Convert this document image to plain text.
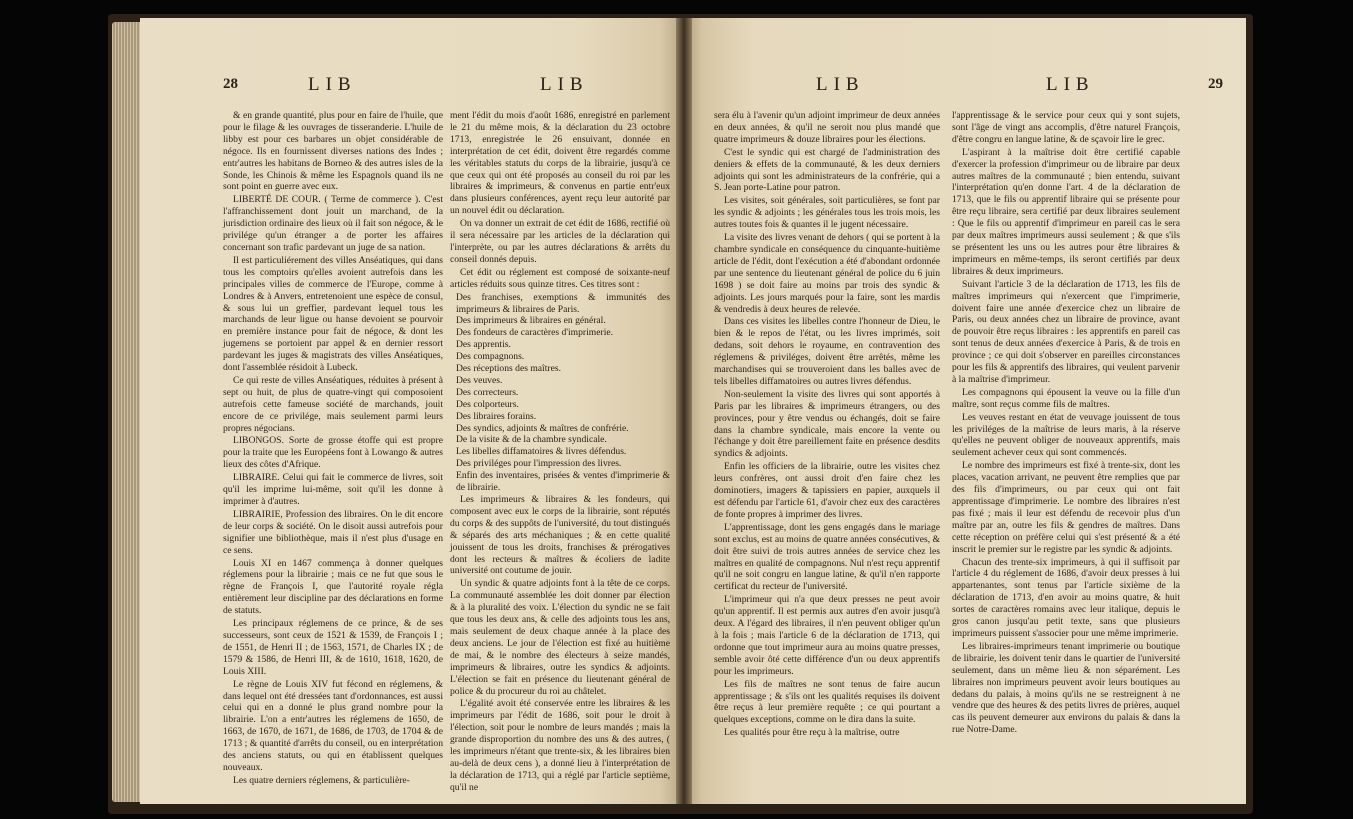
28	LIB	LIB

& en grande quantité, plus pour en faire de l'huile, que pour le filage & les ouvrages de tisseranderie. L'huile de libby est pour ces barbares un objet considérable de négoce. Ils en fournissent diverses nations des Indes ; entr'autres les habitans de Borneo & des autres isles de la Sonde, les Chinois & même les Espagnols quand ils ne sont point en guerre avec eux.

LIBERTÉ DE COUR. ( Terme de commerce ). C'est l'affranchissement dont jouit un marchand, de la jurisdiction ordinaire des lieux où il fait son négoce, & le privilége qu'un étranger a de porter les affaires concernant son trafic pardevant un juge de sa nation.

Il est particuliérement des villes Anséatiques, qui dans tous les comptoirs qu'elles avoient autrefois dans les principales villes de commerce de l'Europe, comme à Londres & à Anvers, entretenoient une espèce de consul, & sous lui un greffier, pardevant lequel tous les marchands de leur ligue ou hanse devoient se pourvoir en première instance pour fait de négoce, & dont les jugemens se portoient par appel & en dernier ressort pardevant les juges & magistrats des villes Anséatiques, dont l'assemblée résidoit à Lubeck.

Ce qui reste de villes Anséatiques, réduites à présent à sept ou huit, de plus de quatre-vingt qui composoient autrefois cette fameuse société de marchands, jouit encore de ce privilége, mais seulement parmi leurs propres négocians.

LIBONGOS. Sorte de grosse étoffe qui est propre pour la traite que les Européens font à Lowango & autres lieux des côtes d'Afrique.

LIBRAIRE. Celui qui fait le commerce de livres, soit qu'il les imprime lui-même, soit qu'il les donne à imprimer à d'autres.

LIBRAIRIE, Profession des libraires. On le dit encore de leur corps & société. On le disoit aussi autrefois pour signifier une bibliothèque, mais il n'est plus d'usage en ce sens.

Louis XI en 1467 commença à donner quelques réglemens pour la librairie ; mais ce ne fut que sous le règne de François I, que l'autorité royale régla entièrement leur discipline par des déclarations en forme de statuts.

Les principaux réglemens de ce prince, & de ses successeurs, sont ceux de 1521 & 1539, de François I ; de 1551, de Henri II ; de 1563, 1571, de Charles IX ; de 1579 & 1586, de Henri III, & de 1610, 1618, 1620, de Louis XIII.

Le règne de Louis XIV fut fécond en réglemens, & dans lequel ont été dressées tant d'ordonnances, est aussi celui qui en a donné le plus grand nombre pour la librairie. L'on a entr'autres les réglemens de 1650, de 1663, de 1670, de 1671, de 1686, de 1703, de 1704 & de 1713 ; & quantité d'arrêts du conseil, ou en interprétation des anciens statuts, ou qui en établissent quelques nouveaux.

Les quatre derniers réglemens, & particulière-

ment l'édit du mois d'août 1686, enregistré en parlement le 21 du même mois, & la déclaration du 23 octobre 1713, enregistrée le 26 ensuivant, donnée en interprétation de cet édit, doivent être regardés comme les véritables statuts du corps de la librairie, jusqu'à ce que ceux qui ont été proposés au conseil du roi par les libraires & imprimeurs, & convenus en partie entr'eux dans plusieurs conférences, ayent reçu leur autorité par un nouvel édit ou déclaration.

On va donner un extrait de cet édit de 1686, rectifié où il sera nécessaire par les articles de la déclaration qui l'interprète, ou par les autres déclarations & arrêts du conseil donnés depuis.

Cet édit ou réglement est composé de soixante-neuf articles réduits sous quinze titres. Ces titres sont :

Des franchises, exemptions & immunités des imprimeurs & libraires de Paris.

Des imprimeurs & libraires en général.

Des fondeurs de caractères d'imprimerie.

Des apprentis.

Des compagnons.

Des réceptions des maîtres.

Des veuves.

Des correcteurs.

Des colporteurs.

Des libraires forains.

Des syndics, adjoints & maîtres de confrérie.

De la visite & de la chambre syndicale.

Les libelles diffamatoires & livres défendus.

Des priviléges pour l'impression des livres.

Enfin des inventaires, prisées & ventes d'imprimerie & de librairie.

Les imprimeurs & libraires & les fondeurs, qui composent avec eux le corps de la librairie, sont réputés du corps & des suppôts de l'université, du tout distingués & séparés des arts méchaniques ; & en cette qualité jouissent de tous les droits, franchises & prérogatives dont les recteurs & maîtres & écoliers de ladite université ont coutume de jouir.

Un syndic & quatre adjoints font à la tête de ce corps. La communauté assemblée les doit donner par élection & à la pluralité des voix. L'élection du syndic ne se fait que tous les deux ans, & celle des adjoints tous les ans, mais seulement de deux chaque année à la place des deux anciens. Le jour de l'élection est fixé au huitième de mai, & le nombre des électeurs à seize mandés, imprimeurs & libraires, outre les syndics & adjoints. L'élection se fait en présence du lieutenant général de police & du procureur du roi au châtelet.

L'égalité avoit été conservée entre les libraires & les imprimeurs par l'édit de 1686, soit pour le droit à l'élection, soit pour le nombre de leurs mandés ; mais la grande disproportion du nombre des uns & des autres, ( les imprimeurs n'étant que trente-six, & les libraires bien au-delà de deux cens ), a donné lieu à l'interprétation de la déclaration de 1713, qui a réglé par l'article septième, qu'il ne

LIB	LIB	29

sera élu à l'avenir qu'un adjoint imprimeur de deux années en deux années, & qu'il ne seroit nou plus mandé que quatre imprimeurs & douze libraires pour les élections.

C'est le syndic qui est chargé de l'administration des deniers & effets de la communauté, & les deux derniers adjoints qui sont les administrateurs de la confrérie, qui a S. Jean porte-Latine pour patron.

Les visites, soit générales, soit particulières, se font par les syndic & adjoints ; les générales tous les trois mois, les autres toutes fois & quantes il le jugent nécessaire.

La visite des livres venant de dehors ( qui se portent à la chambre syndicale en conséquence du cinquante-huitième article de l'édit, dont l'exécution a été d'abondant ordonnée par une sentence du lieutenant général de police du 6 juin 1698 ) se doit faire au moins par trois des syndic & adjoints. Les jours marqués pour la faire, sont les mardis & vendredis à deux heures de relevée.

Dans ces visites les libelles contre l'honneur de Dieu, le bien & le repos de l'état, ou les livres imprimés, soit dedans, soit dehors le royaume, en contravention des réglemens & priviléges, doivent être arrêtés, même les marchandises qui se trouveroient dans les balles avec de tels libelles diffamatoires ou autres livres défendus.

Non-seulement la visite des livres qui sont apportés à Paris par les libraires & imprimeurs étrangers, ou des provinces, pour y être vendus ou échangés, doit se faire dans la chambre syndicale, mais encore la vente ou l'échange y doit être pareillement faite en présence desdits syndics & adjoints.

Enfin les officiers de la librairie, outre les visites chez leurs confrères, ont aussi droit d'en faire chez les dominotiers, imagers & tapissiers en papier, auxquels il est défendu par l'article 61, d'avoir chez eux des caractères de fonte propres à imprimer des livres.

L'apprentissage, dont les gens engagés dans le mariage sont exclus, est au moins de quatre années consécutives, & doit être suivi de trois autres années de service chez les maîtres en qualité de compagnons. Nul n'est reçu apprentif qu'il ne soit congru en langue latine, & qu'il n'en rapporte certificat du recteur de l'université.

L'imprimeur qui n'a que deux presses ne peut avoir qu'un apprentif. Il est permis aux autres d'en avoir jusqu'à deux. A l'égard des libraires, il n'en peuvent obliger qu'un à la fois ; mais l'article 6 de la déclaration de 1713, qui ordonne que tout imprimeur aura au moins quatre presses, semble avoir ôté cette différence d'un ou deux apprentifs pour les imprimeurs.

Les fils de maîtres ne sont tenus de faire aucun apprentissage ; & s'ils ont les qualités requises ils doivent être reçus à leur première requête ; ce qui pourtant a quelques exceptions, comme on le dira dans la suite.

Les qualités pour être reçu à la maîtrise, outre

l'apprentissage & le service pour ceux qui y sont sujets, sont l'âge de vingt ans accomplis, d'être naturel François, d'être congru en langue latine, & de sçavoir lire le grec.

L'aspirant à la maîtrise doit être certifié capable d'exercer la profession d'imprimeur ou de libraire par deux autres maîtres de la communauté ; bien entendu, suivant l'interprétation qu'en donne l'art. 4 de la déclaration de 1713, que le fils ou apprentif libraire qui se présente pour être reçu libraire, sera certifié par deux libraires seulement : Que le fils ou apprentif d'imprimeur en pareil cas le sera par deux maîtres imprimeurs aussi seulement ; & que s'ils se présentent les uns ou les autres pour être libraires & imprimeurs en même-temps, ils seront certifiés par deux libraires & deux imprimeurs.

Suivant l'article 3 de la déclaration de 1713, les fils de maîtres imprimeurs qui n'exercent que l'imprimerie, doivent faire une année d'exercice chez un libraire de Paris, ou deux années chez un libraire de province, avant de pouvoir être reçus libraires : les apprentifs en pareil cas sont tenus de deux années d'exercice à Paris, & de trois en province ; ce qui doit s'observer en pareilles circonstances pour les fils & apprentifs des libraires, qui veulent parvenir à la maîtrise d'imprimeur.

Les compagnons qui épousent la veuve ou la fille d'un maître, sont reçus comme fils de maîtres.

Les veuves restant en état de veuvage jouissent de tous les priviléges de la maîtrise de leurs maris, à la réserve qu'elles ne peuvent obliger de nouveaux apprentifs, mais seulement achever ceux qui sont commencés.

Le nombre des imprimeurs est fixé à trente-six, dont les places, vacation arrivant, ne peuvent être remplies que par des fils d'imprimeurs, ou par ceux qui ont fait apprentissage d'imprimerie. Le nombre des libraires n'est pas fixé ; mais il leur est défendu de recevoir plus d'un maître par an, outre les fils & gendres de maîtres. Dans cette réception on préfère celui qui s'est présenté & a été inscrit le premier sur le registre par les syndic & adjoints.

Chacun des trente-six imprimeurs, à qui il suffisoit par l'article 4 du réglement de 1686, d'avoir deux presses à lui appartenantes, sont tenus par l'article sixième de la déclaration de 1713, d'en avoir au moins quatre, & huit sortes de caractères romains avec leur italique, depuis le gros canon jusqu'au petit texte, sans que plusieurs imprimeurs puissent s'associer pour une même imprimerie.

Les libraires-imprimeurs tenant imprimerie ou boutique de librairie, les doivent tenir dans le quartier de l'université seulement, dans un même lieu & non séparément. Les libraires non imprimeurs peuvent avoir leurs boutiques au dedans du palais, à moins qu'ils ne se restreignent à ne vendre que des heures & des petits livres de prières, auquel cas ils peuvent demeurer aux environs du palais & dans la rue Notre-Dame.
